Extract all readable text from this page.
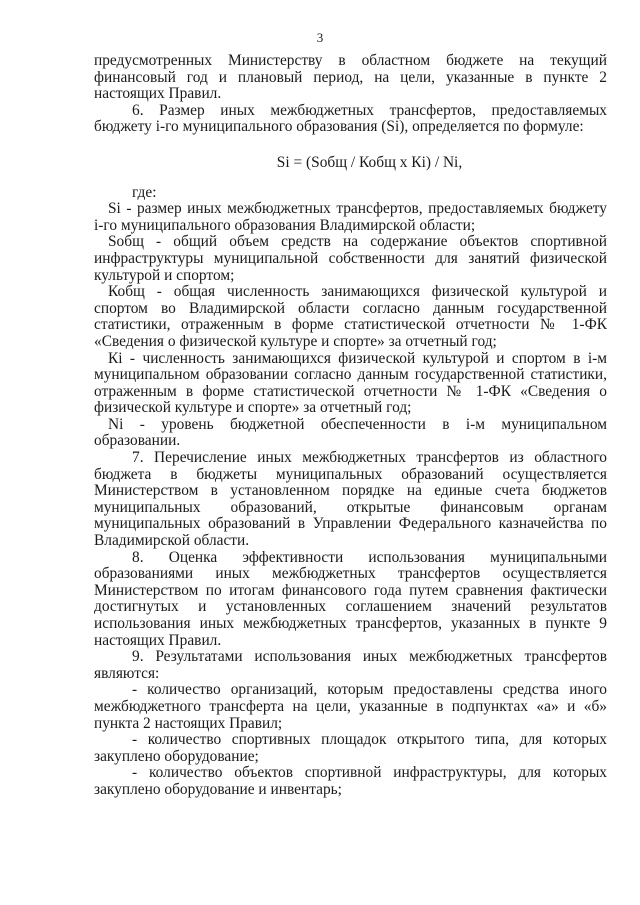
3

предусмотренных Министерству в областном бюджете на текущий финансовый год и плановый период, на цели, указанные в пункте 2 настоящих Правил.

6. Размер иных межбюджетных трансфертов, предоставляемых бюджету i-го муниципального образования (Si), определяется по формуле:

Si = (Sобщ / Кобщ x Кi) / Ni,

где:

Si - размер иных межбюджетных трансфертов, предоставляемых бюджету i-го муниципального образования Владимирской области;

Sобщ - общий объем средств на содержание объектов спортивной инфраструктуры муниципальной собственности для занятий физической культурой и спортом;

Кобщ - общая численность занимающихся физической культурой и спортом во Владимирской области согласно данным государственной статистики, отраженным в форме статистической отчетности № 1-ФК «Сведения о физической культуре и спорте» за отчетный год;

Кi - численность занимающихся физической культурой и спортом в i-м муниципальном образовании согласно данным государственной статистики, отраженным в форме статистической отчетности № 1-ФК «Сведения о физической культуре и спорте» за отчетный год;

Ni - уровень бюджетной обеспеченности в i-м муниципальном образовании.

7. Перечисление иных межбюджетных трансфертов из областного бюджета в бюджеты муниципальных образований осуществляется Министерством в установленном порядке на единые счета бюджетов муниципальных образований, открытые финансовым органам муниципальных образований в Управлении Федерального казначейства по Владимирской области.

8. Оценка эффективности использования муниципальными образованиями иных межбюджетных трансфертов осуществляется Министерством по итогам финансового года путем сравнения фактически достигнутых и установленных соглашением значений результатов использования иных межбюджетных трансфертов, указанных в пункте 9 настоящих Правил.

9. Результатами использования иных межбюджетных трансфертов являются:

- количество организаций, которым предоставлены средства иного межбюджетного трансферта на цели, указанные в подпунктах «а» и «б» пункта 2 настоящих Правил;

- количество спортивных площадок открытого типа, для которых закуплено оборудование;

- количество объектов спортивной инфраструктуры, для которых закуплено оборудование и инвентарь;
